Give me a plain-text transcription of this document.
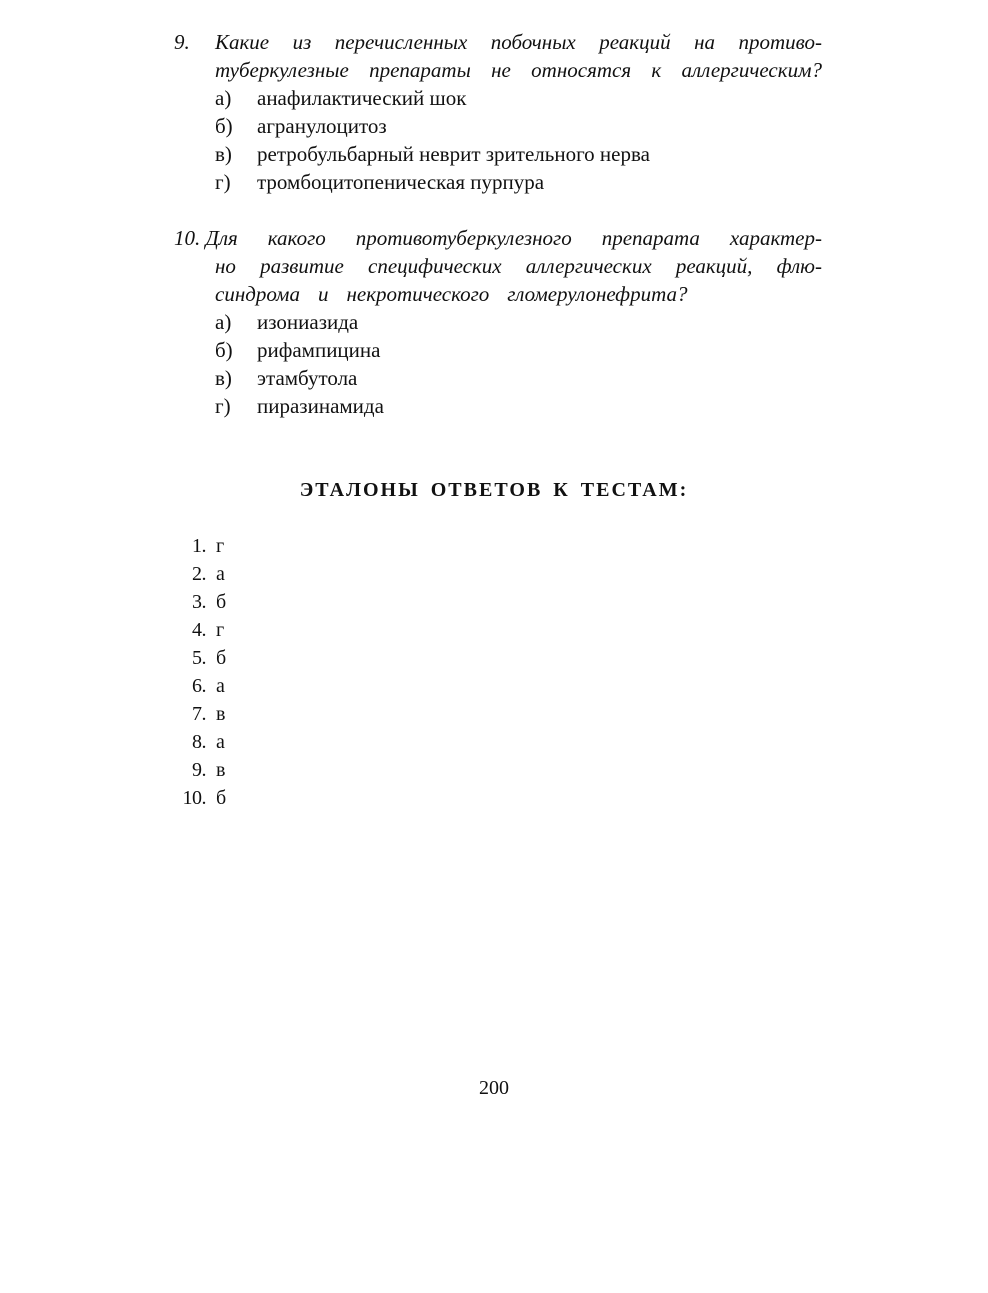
9. Какие из перечисленных побочных реакций на противо-
туберкулезные препараты не относятся к аллергическим?
а) анафилактический шок
б) агранулоцитоз
в) ретробульбарный неврит зрительного нерва
г) тромбоцитопеническая пурпура
10. Для какого противотуберкулезного препарата характер-
но развитие специфических аллергических реакций, флю-
синдрома и некротического гломерулонефрита?
а) изониазида
б) рифампицина
в) этамбутола
г) пиразинамида
ЭТАЛОНЫ ОТВЕТОВ К ТЕСТАМ:
1. г
2. а
3. б
4. г
5. б
6. а
7. в
8. а
9. в
10. б
200
